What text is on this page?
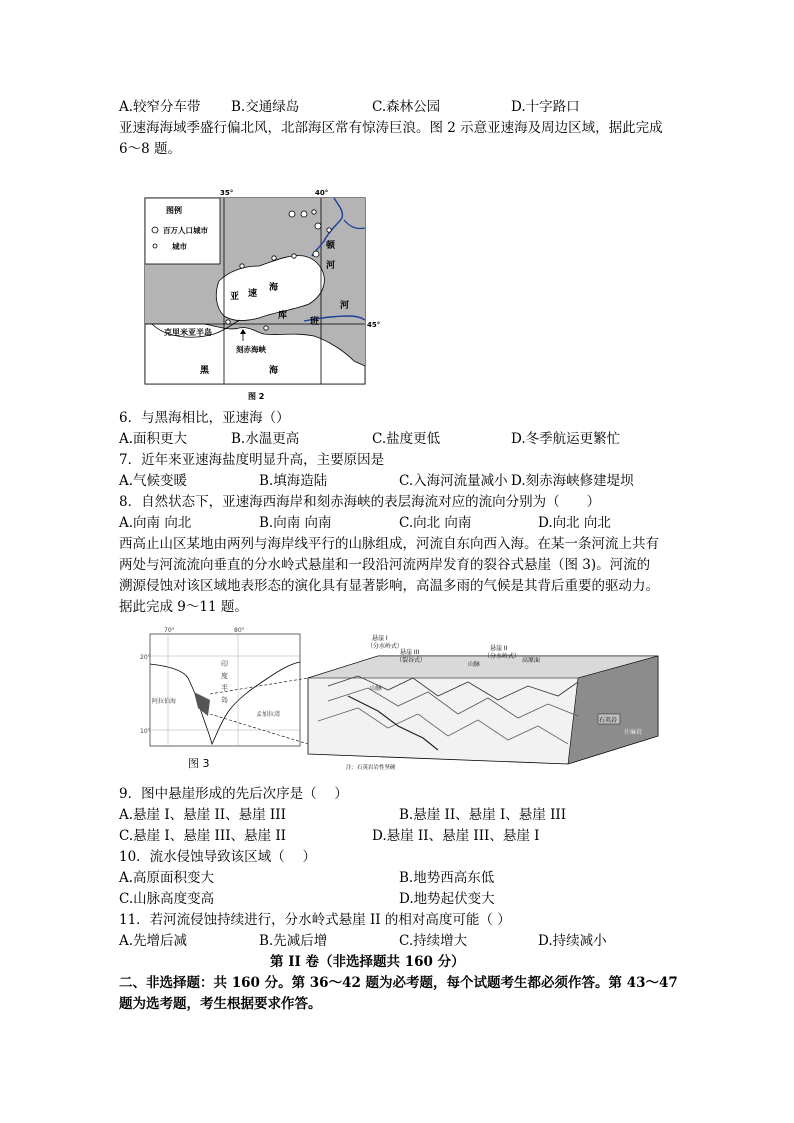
A.较窄分车带 B.交通绿岛	C.森林公园	D.十字路口
亚速海海域季盛行偏北风，北部海区常有惊涛巨浪。图 2 示意亚速海及周边区域，据此完成
6～8 题。
图例
百万人口城市
城市
35°	40°
45°
亚 速
海
顿
河
库
班
河
克里米亚半岛
刻赤海峡
黑	海
图 2
6．与黑海相比，亚速海（）
A.面积更大	B.水温更高	C.盐度更低	D.冬季航运更繁忙
7．近年来亚速海盐度明显升高，主要原因是
A.气候变暖	B.填海造陆	C.入海河流量减小 D.刻赤海峡修建堤坝
8．自然状态下，亚速海西海岸和刻赤海峡的表层海流对应的流向分别为（　　）
A.向南 向北	B.向南 向南	C.向北 向南	D.向北 向北
西高止山区某地由两列与海岸线平行的山脉组成，河流自东向西入海。在某一条河流上共有
两处与河流流向垂直的分水岭式悬崖和一段沿河流两岸发育的裂谷式悬崖（图 3)。河流的
溯源侵蚀对该区域地表形态的演化具有显著影响，高温多雨的气候是其背后重要的驱动力。
据此完成 9～11 题。
70°	80°
20°
10°
印
度
半
岛
阿拉伯海
孟加拉湾
悬崖 I
（分水岭式）
悬崖 III
（裂谷式）
悬崖 II
（分水岭式）
山脉
高原面
山脉
石英岩
片麻岩
注：石英岩岩性坚硬
图 3
9．图中悬崖形成的先后次序是（　 ）
A.悬崖 I、悬崖 II、悬崖 III	B.悬崖 II、悬崖 I、悬崖 III
C.悬崖 I、悬崖 III、悬崖 II	D.悬崖 II、悬崖 III、悬崖 I
10．流水侵蚀导致该区域（　 ）
A.高原面积变大	B.地势西高东低
C.山脉高度变高	D.地势起伏变大
11．若河流侵蚀持续进行，分水岭式悬崖 II 的相对高度可能（ ）
A.先增后减	B.先减后增	C.持续增大	D.持续减小
第 II 卷（非选择题共 160 分）
二、非选择题：共 160 分。第 36～42 题为必考题，每个试题考生都必须作答。第 43～47
题为选考题，考生根据要求作答。
